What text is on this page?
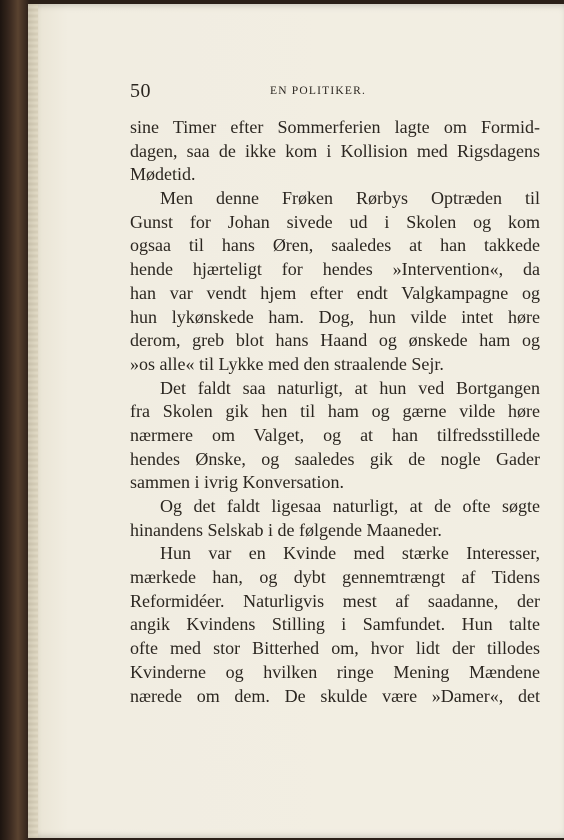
50	EN POLITIKER.
sine Timer efter Sommerferien lagte om Formid-
dagen, saa de ikke kom i Kollision med Rigsdagens
Mødetid.
Men denne Frøken Rørbys Optræden til
Gunst for Johan sivede ud i Skolen og kom
ogsaa til hans Øren, saaledes at han takkede
hende hjærteligt for hendes »Intervention«, da
han var vendt hjem efter endt Valgkampagne og
hun lykønskede ham. Dog, hun vilde intet høre
derom, greb blot hans Haand og ønskede ham og
»os alle« til Lykke med den straalende Sejr.
Det faldt saa naturligt, at hun ved Bortgangen
fra Skolen gik hen til ham og gærne vilde høre
nærmere om Valget, og at han tilfredsstillede
hendes Ønske, og saaledes gik de nogle Gader
sammen i ivrig Konversation.
Og det faldt ligesaa naturligt, at de ofte søgte
hinandens Selskab i de følgende Maaneder.
Hun var en Kvinde med stærke Interesser,
mærkede han, og dybt gennemtrængt af Tidens
Reformidéer. Naturligvis mest af saadanne, der
angik Kvindens Stilling i Samfundet. Hun talte
ofte med stor Bitterhed om, hvor lidt der tillodes
Kvinderne og hvilken ringe Mening Mændene
nærede om dem. De skulde være »Damer«, det
